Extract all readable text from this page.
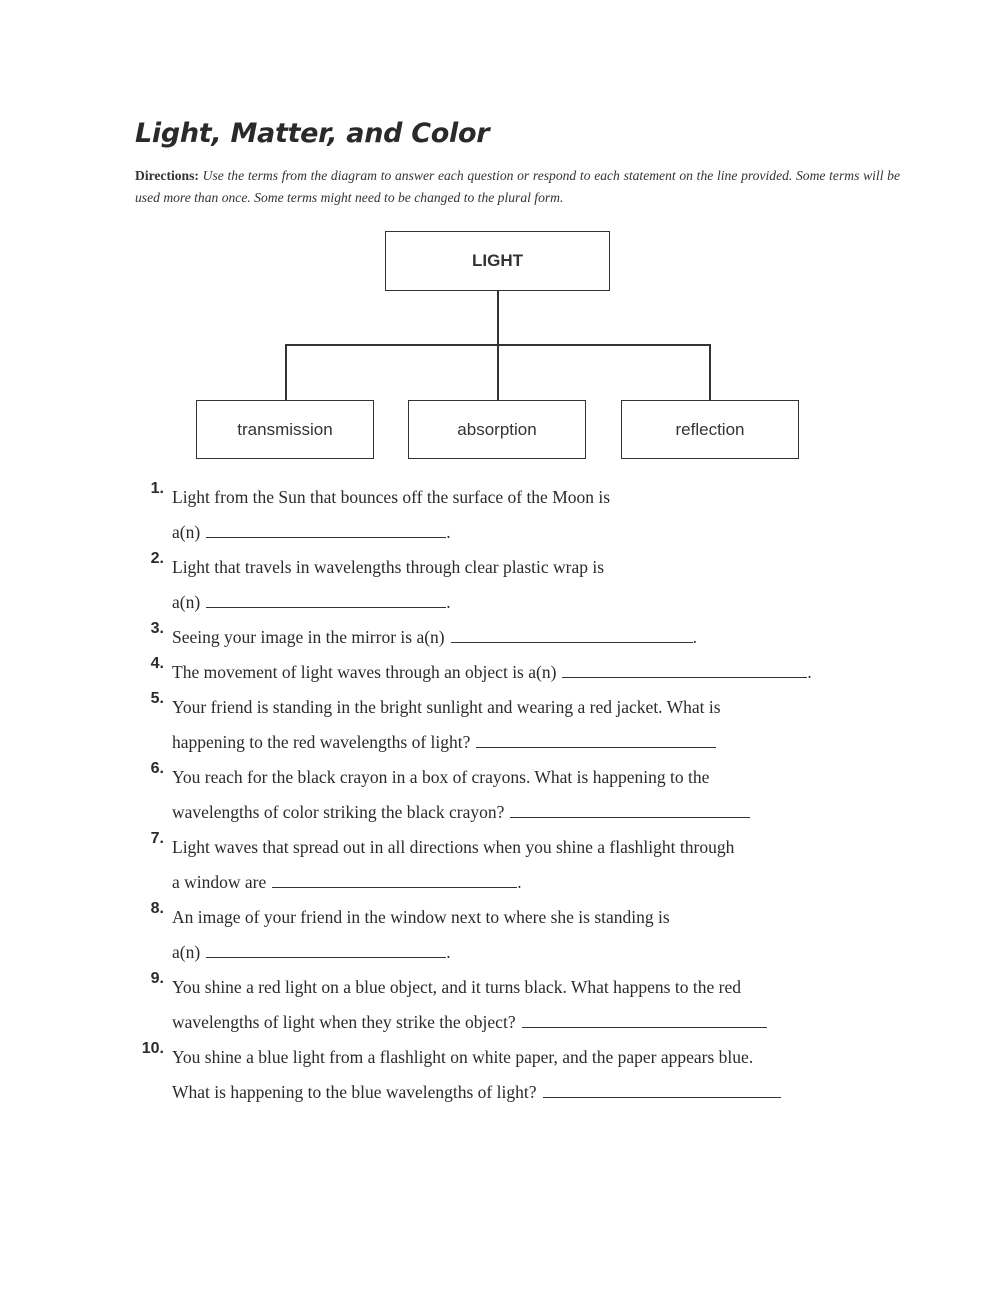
Light, Matter, and Color
Directions: Use the terms from the diagram to answer each question or respond to each statement on the line provided. Some terms will be used more than once. Some terms might need to be changed to the plural form.
LIGHT
transmission	absorption	reflection
1. Light from the Sun that bounces off the surface of the Moon is
a(n)	.
2. Light that travels in wavelengths through clear plastic wrap is
a(n)	.
3. Seeing your image in the mirror is a(n)	.
4. The movement of light waves through an object is a(n)	.
5. Your friend is standing in the bright sunlight and wearing a red jacket. What is
happening to the red wavelengths of light?
6. You reach for the black crayon in a box of crayons. What is happening to the
wavelengths of color striking the black crayon?
7. Light waves that spread out in all directions when you shine a flashlight through
a window are	.
8. An image of your friend in the window next to where she is standing is
a(n)	.
9. You shine a red light on a blue object, and it turns black. What happens to the red
wavelengths of light when they strike the object?
10. You shine a blue light from a flashlight on white paper, and the paper appears blue.
What is happening to the blue wavelengths of light?
